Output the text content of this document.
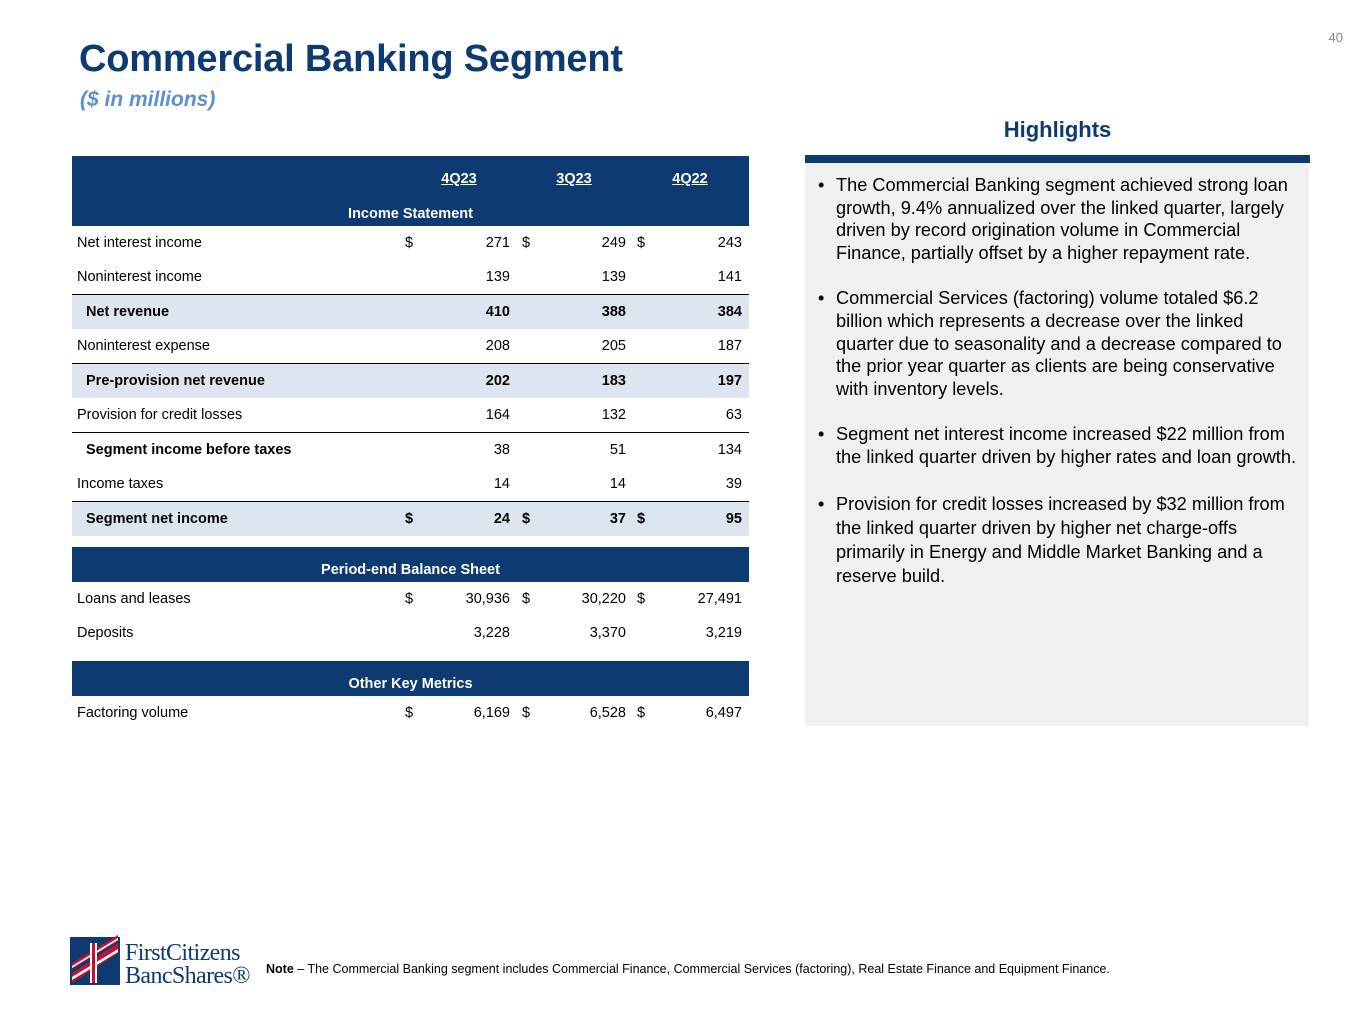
40
Commercial Banking Segment
($ in millions)
4Q23	3Q23	4Q22
Income Statement
Net interest income	$	271 $	249 $	243
Noninterest income	139	139	141
Net revenue	410	388	384
Noninterest expense	208	205	187
Pre-provision net revenue	202	183	197
Provision for credit losses	164	132	63
Segment income before taxes	38	51	134
Income taxes	14	14	39
Segment net income	$	24 $	37 $	95
Period-end Balance Sheet
Loans and leases	$	30,936 $	30,220 $	27,491
Deposits	3,228	3,370	3,219
Other Key Metrics
Factoring volume	$	6,169 $	6,528 $	6,497
Highlights
• The Commercial Banking segment achieved strong loan growth, 9.4% annualized over the linked quarter, largely driven by record origination volume in Commercial Finance, partially offset by a higher repayment rate.
• Commercial Services (factoring) volume totaled $6.2 billion which represents a decrease over the linked quarter due to seasonality and a decrease compared to the prior year quarter as clients are being conservative with inventory levels.
• Segment net interest income increased $22 million from the linked quarter driven by higher rates and loan growth.
• Provision for credit losses increased by $32 million from the linked quarter driven by higher net charge-offs primarily in Energy and Middle Market Banking and a reserve build.
FirstCitizens
BancShares® Note – The Commercial Banking segment includes Commercial Finance, Commercial Services (factoring), Real Estate Finance and Equipment Finance.
